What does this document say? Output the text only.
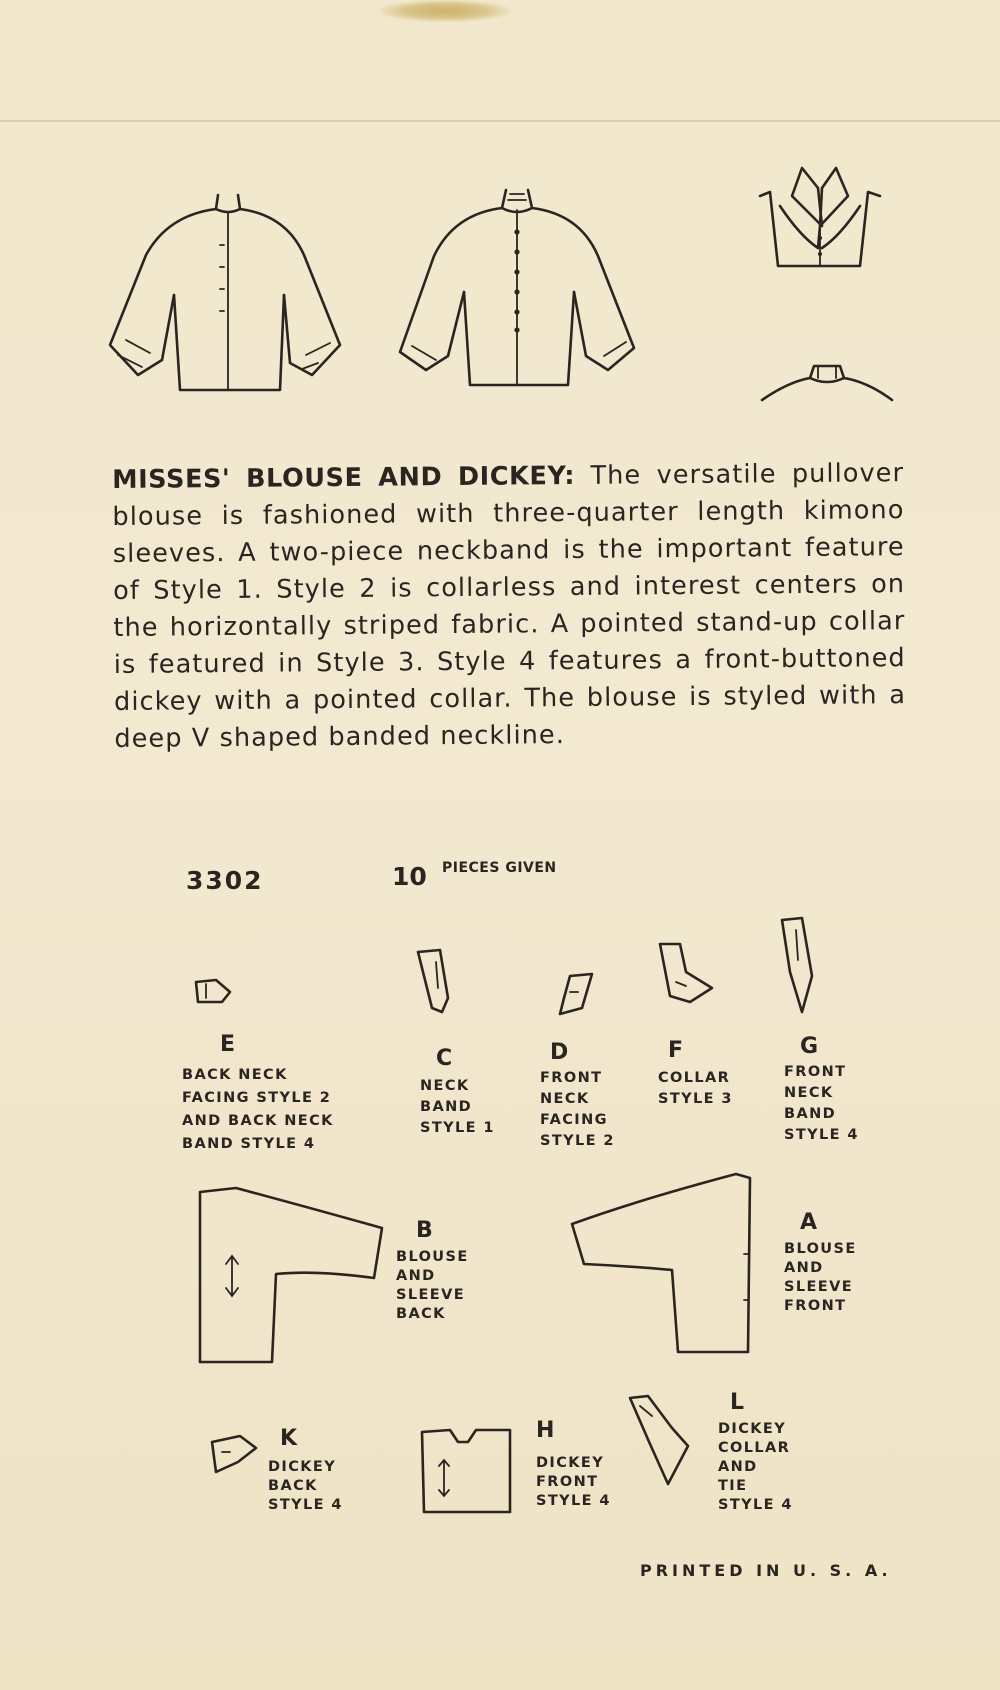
MISSES' BLOUSE AND DICKEY: The versatile pullover blouse is fashioned with three-quarter length kimono sleeves. A two-piece neckband is the important feature of Style 1. Style 2 is collarless and interest centers on the horizontally striped fabric. A pointed stand-up collar is featured in Style 3. Style 4 features a front-buttoned dickey with a pointed collar. The blouse is styled with a deep V shaped banded neckline.
3302	10 PIECES GIVEN
E
BACK NECK
FACING STYLE 2
AND BACK NECK
BAND STYLE 4
C
NECK
BAND
STYLE 1
D
FRONT
NECK
FACING
STYLE 2
F
COLLAR
STYLE 3
G
FRONT
NECK
BAND
STYLE 4
B
BLOUSE
AND
SLEEVE
BACK
A
BLOUSE
AND
SLEEVE
FRONT
K
DICKEY
BACK
STYLE 4
H
DICKEY
FRONT
STYLE 4
L
DICKEY
COLLAR
AND
TIE
STYLE 4
PRINTED IN U. S. A.
